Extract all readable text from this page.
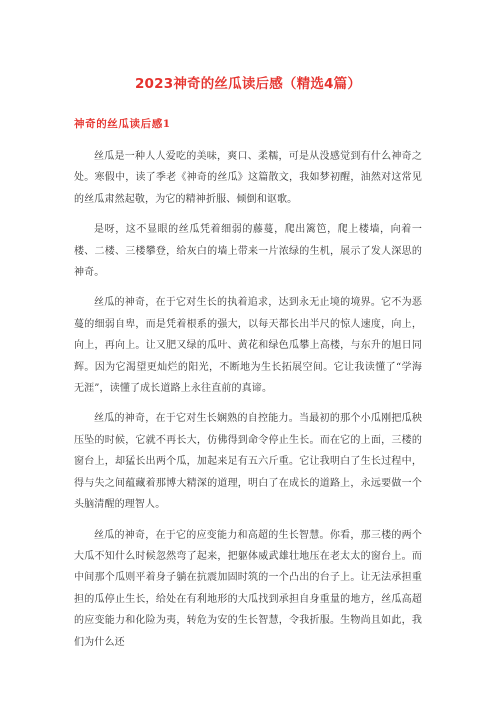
2023神奇的丝瓜读后感（精选4篇）
神奇的丝瓜读后感1

丝瓜是一种人人爱吃的美味，爽口、柔糯，可是从没感觉到有什么神奇之处。寒假中，读了季老《神奇的丝瓜》这篇散文，我如梦初醒，油然对这常见的丝瓜肃然起敬，为它的精神折服、倾倒和讴歌。

是呀，这不显眼的丝瓜凭着细弱的藤蔓，爬出篱笆，爬上楼墙，向着一楼、二楼、三楼攀登，给灰白的墙上带来一片浓绿的生机，展示了发人深思的神奇。

丝瓜的神奇，在于它对生长的执着追求，达到永无止境的境界。它不为恶蔓的细弱自卑，而是凭着根系的强大，以每天都长出半尺的惊人速度，向上，向上，再向上。让又肥又绿的瓜叶、黄花和绿色瓜攀上高楼，与东升的旭日同辉。因为它渴望更灿烂的阳光，不断地为生长拓展空间。它让我读懂了“学海无涯”，读懂了成长道路上永往直前的真谛。

丝瓜的神奇，在于它对生长娴熟的自控能力。当最初的那个小瓜刚把瓜秧压坠的时候，它就不再长大，仿佛得到命令停止生长。而在它的上面，三楼的窗台上，却猛长出两个瓜，加起来足有五六斤重。它让我明白了生长过程中，得与失之间蕴藏着那博大精深的道理，明白了在成长的道路上，永远要做一个头脑清醒的理智人。

丝瓜的神奇，在于它的应变能力和高超的生长智慧。你看，那三楼的两个大瓜不知什么时候忽然弯了起来，把躯体威武雄壮地压在老太太的窗台上。而中间那个瓜则平着身子躺在抗震加固时筑的一个凸出的台子上。让无法承担重担的瓜停止生长，给处在有利地形的大瓜找到承担自身重量的地方，丝瓜高超的应变能力和化险为夷，转危为安的生长智慧，令我折服。生物尚且如此，我们为什么还
